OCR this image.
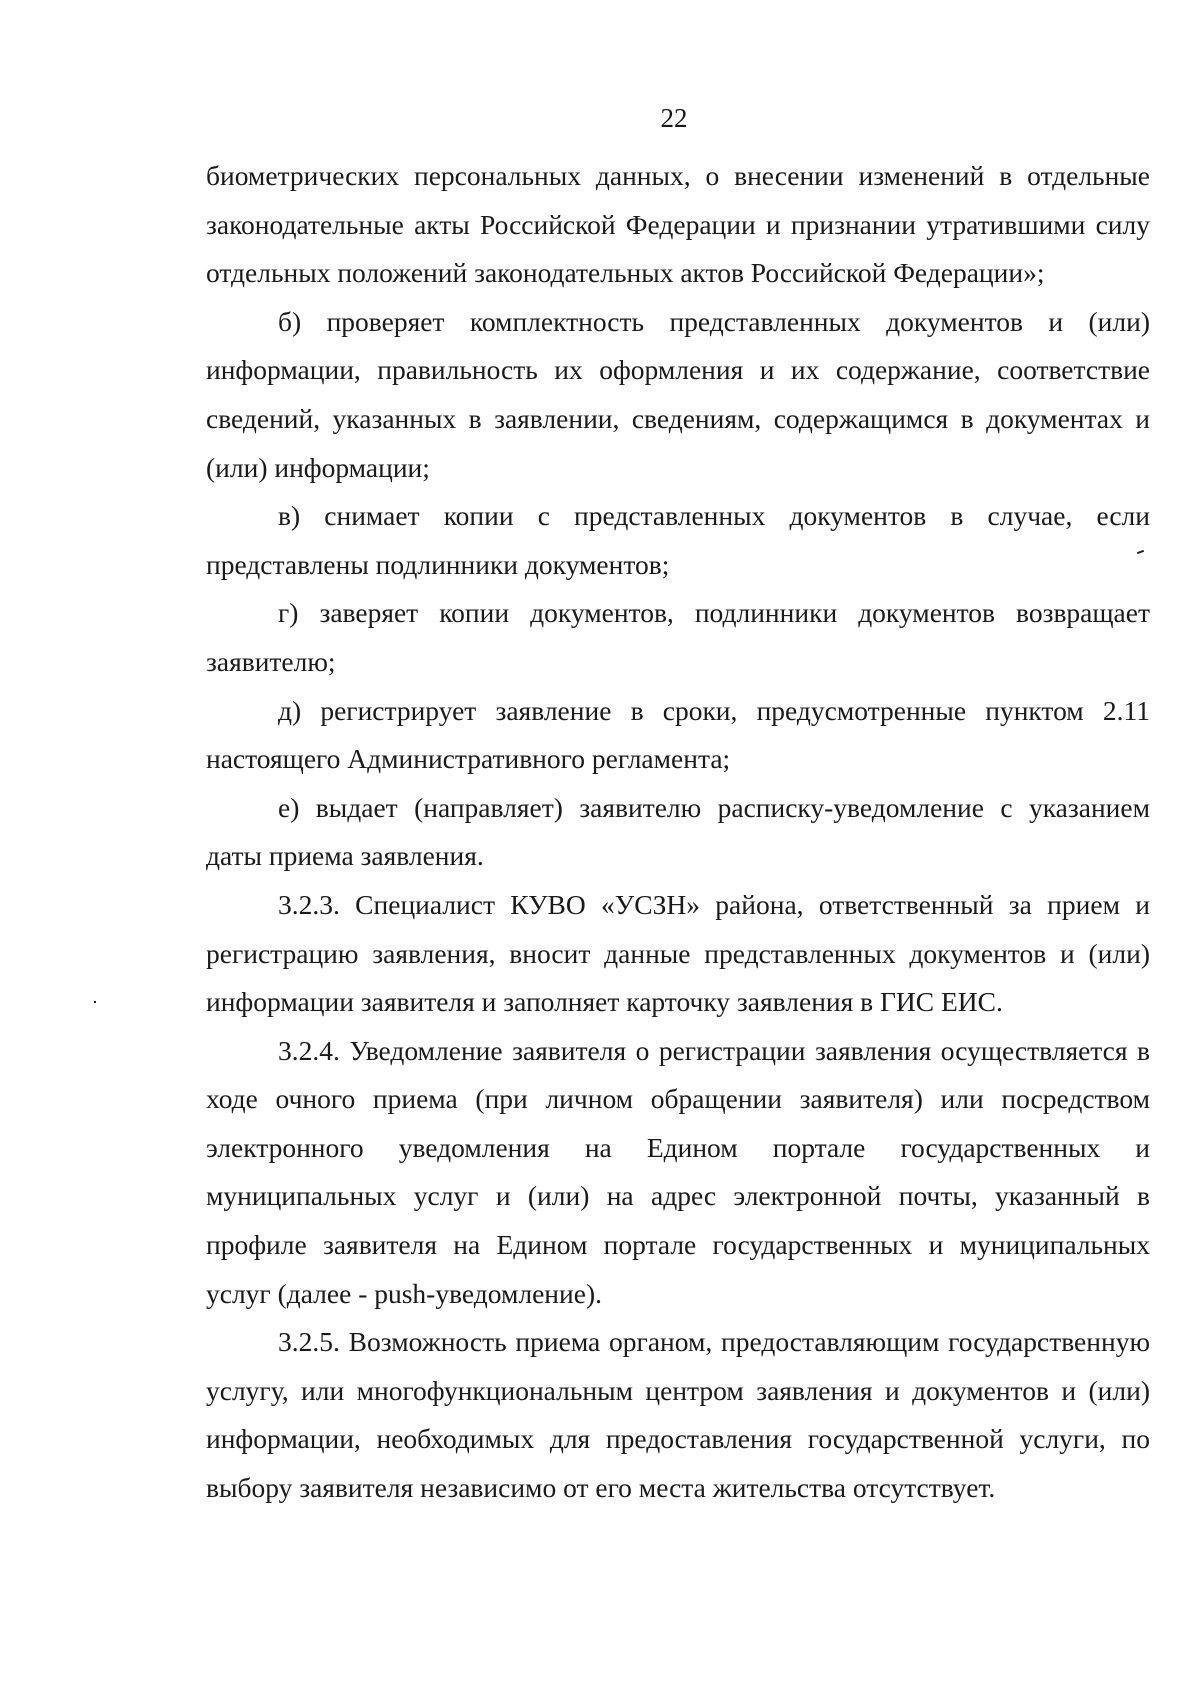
22

биометрических персональных данных, о внесении изменений в отдельные законодательные акты Российской Федерации и признании утратившими силу отдельных положений законодательных актов Российской Федерации»;

б) проверяет комплектность представленных документов и (или) информации, правильность их оформления и их содержание, соответствие сведений, указанных в заявлении, сведениям, содержащимся в документах и (или) информации;

в) снимает копии с представленных документов в случае, если представлены подлинники документов;

г) заверяет копии документов, подлинники документов возвращает заявителю;

д) регистрирует заявление в сроки, предусмотренные пунктом 2.11 настоящего Административного регламента;

е) выдает (направляет) заявителю расписку-уведомление с указанием даты приема заявления.

3.2.3. Специалист КУВО «УСЗН» района, ответственный за прием и регистрацию заявления, вносит данные представленных документов и (или) информации заявителя и заполняет карточку заявления в ГИС ЕИС.

3.2.4. Уведомление заявителя о регистрации заявления осуществляется в ходе очного приема (при личном обращении заявителя) или посредством электронного уведомления на Едином портале государственных и муниципальных услуг и (или) на адрес электронной почты, указанный в профиле заявителя на Едином портале государственных и муниципальных услуг (далее - push-уведомление).

3.2.5. Возможность приема органом, предоставляющим государственную услугу, или многофункциональным центром заявления и документов и (или) информации, необходимых для предоставления государственной услуги, по выбору заявителя независимо от его места жительства отсутствует.
